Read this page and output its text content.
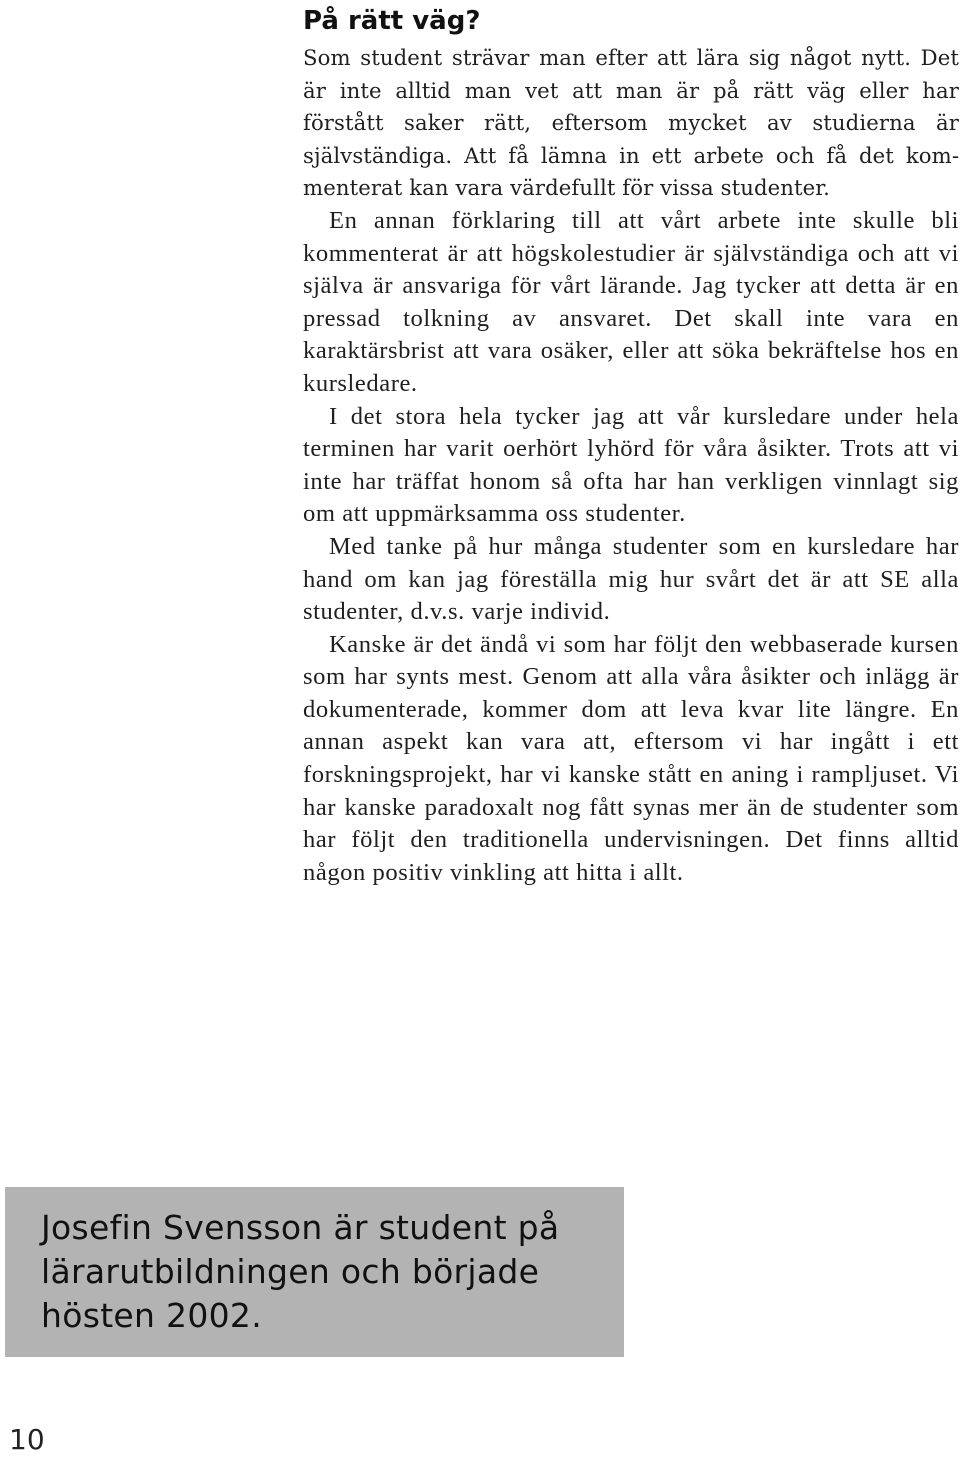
På rätt väg?

Som student strävar man efter att lära sig något nytt. Det är inte alltid man vet att man är på rätt väg eller har förstått saker rätt, eftersom mycket av studierna är självständiga. Att få lämna in ett arbete och få det kommenterat kan vara värdefullt för vissa studenter.

En annan förklaring till att vårt arbete inte skulle bli kommenterat är att högskolestudier är självständiga och att vi själva är ansvariga för vårt lärande. Jag tycker att detta är en pressad tolkning av ansvaret. Det skall inte vara en karaktärsbrist att vara osäker, eller att söka bekräftelse hos en kursledare.

I det stora hela tycker jag att vår kursledare under hela terminen har varit oerhört lyhörd för våra åsikter. Trots att vi inte har träffat honom så ofta har han verkligen vinnlagt sig om att uppmärksamma oss studenter.

Med tanke på hur många studenter som en kursledare har hand om kan jag föreställa mig hur svårt det är att SE alla studenter, d.v.s. varje individ.

Kanske är det ändå vi som har följt den webbaserade kursen som har synts mest. Genom att alla våra åsikter och inlägg är dokumenterade, kommer dom att leva kvar lite längre. En annan aspekt kan vara att, eftersom vi har ingått i ett forskningsprojekt, har vi kanske stått en aning i rampljuset. Vi har kanske paradoxalt nog fått synas mer än de studenter som har följt den traditionella undervisningen. Det finns alltid någon positiv vinkling att hitta i allt.

Josefin Svensson är student på lärarutbildningen och började hösten 2002.

10
